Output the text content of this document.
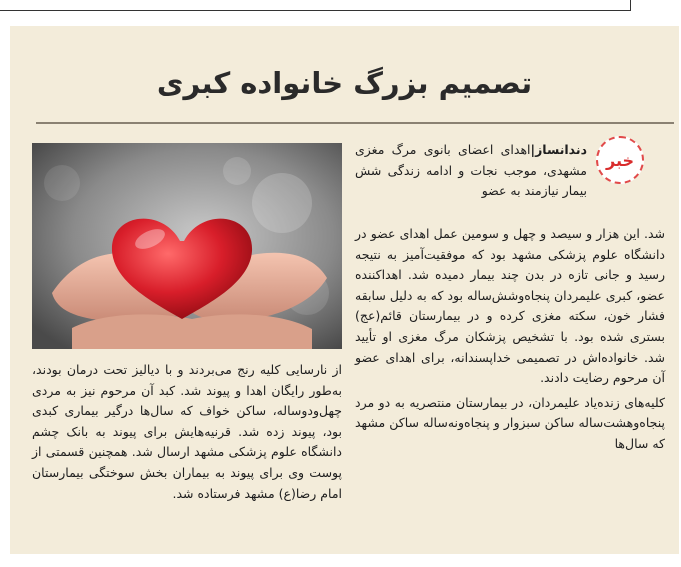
تصمیم بزرگ خانواده کبری
خبر

دندانساز|اهدای اعضای بانوی مرگ مغزی مشهدی، موجب نجات و ادامه زندگی شش بیمار نیازمند به عضو

شد. این هزار و سیصد و چهل و سومین عمل اهدای عضو در دانشگاه علوم پزشکی مشهد بود که موفقیت‌آمیز به نتیجه رسید و جانی تازه در بدن چند بیمار دمیده شد. اهداکننده عضو، کبری علیمردان پنجاه‌وشش‌ساله بود که به دلیل سابقه فشار خون، سکته مغزی کرده و در بیمارستان قائم(عج) بستری شده بود. با تشخیص پزشکان مرگ مغزی او تأیید شد. خانواده‌اش در تصمیمی خداپسندانه، برای اهدای عضو آن مرحوم رضایت دادند.

کلیه‌های زنده‌یاد علیمردان، در بیمارستان منتصریه به دو مرد پنجاه‌وهشت‌ساله ساکن سبزوار و پنجاه‌ونه‌ساله ساکن مشهد که سال‌ها

از نارسایی کلیه رنج می‌بردند و با دیالیز تحت درمان بودند، به‌طور رایگان اهدا و پیوند شد. کبد آن مرحوم نیز به مردی چهل‌ودوساله، ساکن خواف که سال‌ها درگیر بیماری کبدی بود، پیوند زده شد. قرنیه‌هایش برای پیوند به بانک چشم دانشگاه علوم پزشکی مشهد ارسال شد. همچنین قسمتی از پوست وی برای پیوند به بیماران بخش سوختگی بیمارستان امام رضا(ع) مشهد فرستاده شد.
